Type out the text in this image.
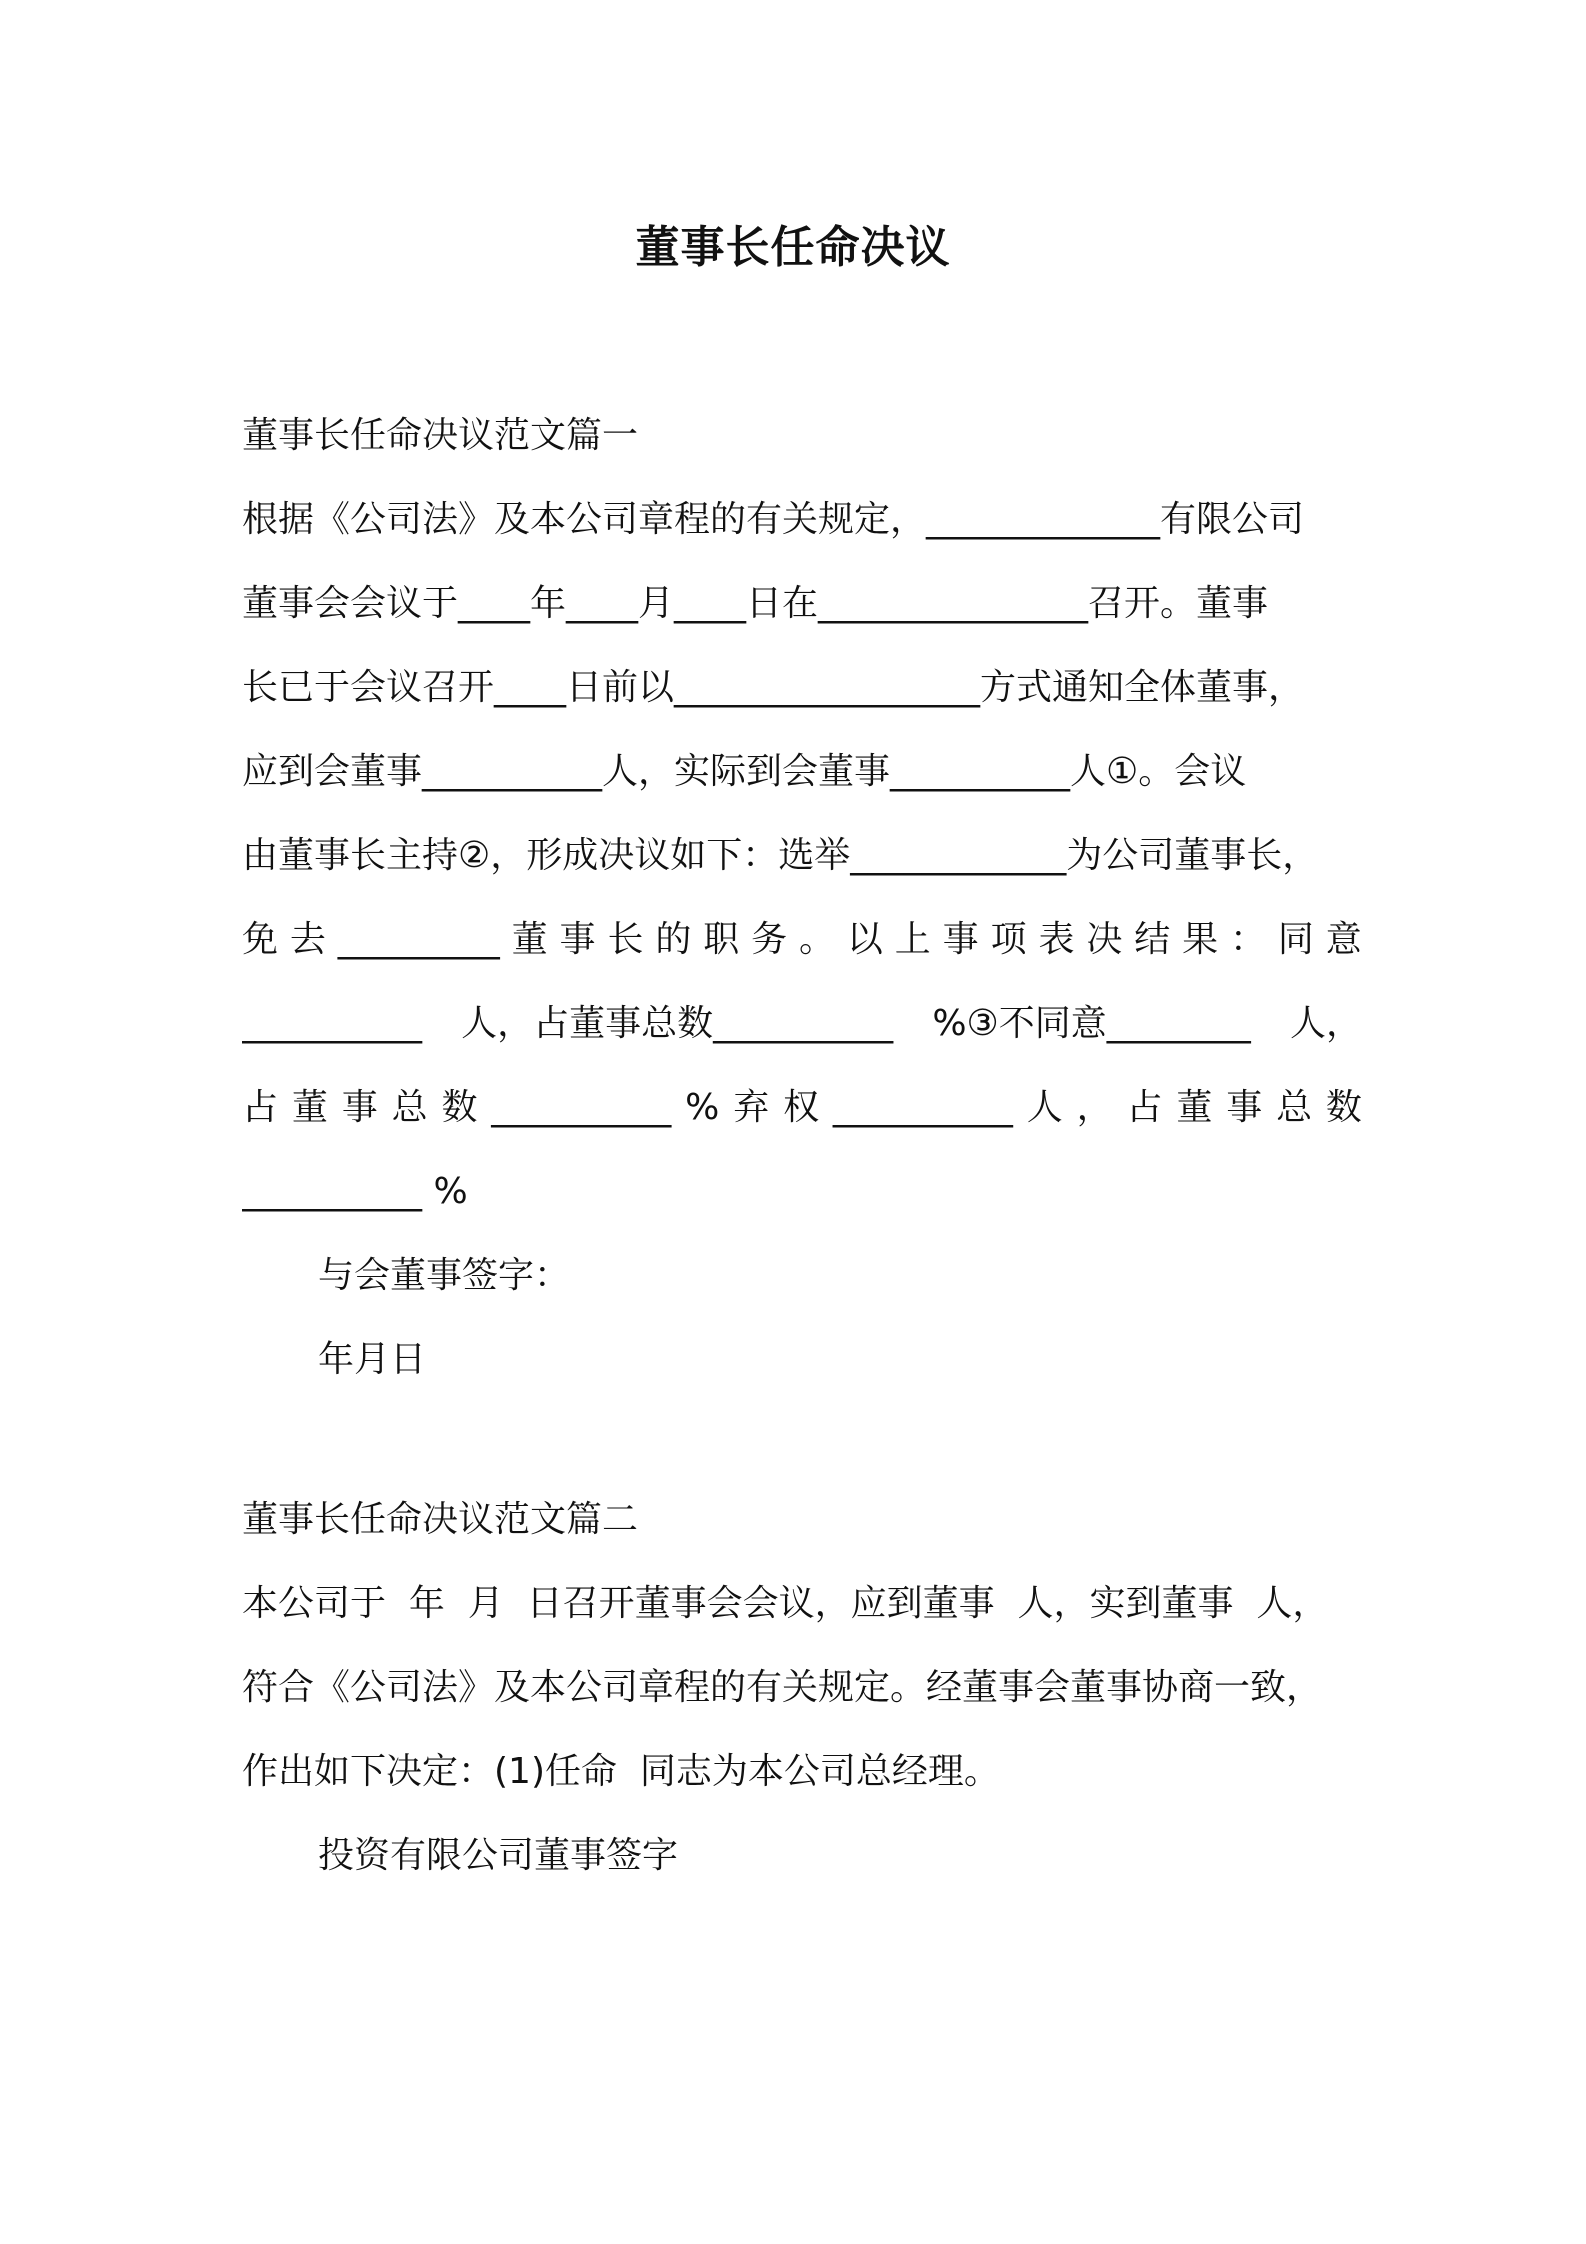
董事长任命决议
董事长任命决议范文篇一
根据《公司法》及本公司章程的有关规定，_____________有限公司
董事会会议于____年____月____日在_______________召开。董事
长已于会议召开____日前以_________________方式通知全体董事，
应到会董事__________人，实际到会董事__________人①。会议
由董事长主持②，形成决议如下：选举____________为公司董事长，
免 去 _________ 董 事 长 的 职 务 。 以 上 事 项 表 决 结 果 ： 同 意
__________ 人，占董事总数__________ %③不同意________ 人，
占 董 事 总 数 __________ % 弃 权 __________ 人 ， 占 董 事 总 数
__________ %
与会董事签字：
年月日
董事长任命决议范文篇二
本公司于  年  月  日召开董事会会议，应到董事  人，实到董事  人，
符合《公司法》及本公司章程的有关规定。经董事会董事协商一致，
作出如下决定：(1)任命  同志为本公司总经理。
投资有限公司董事签字
